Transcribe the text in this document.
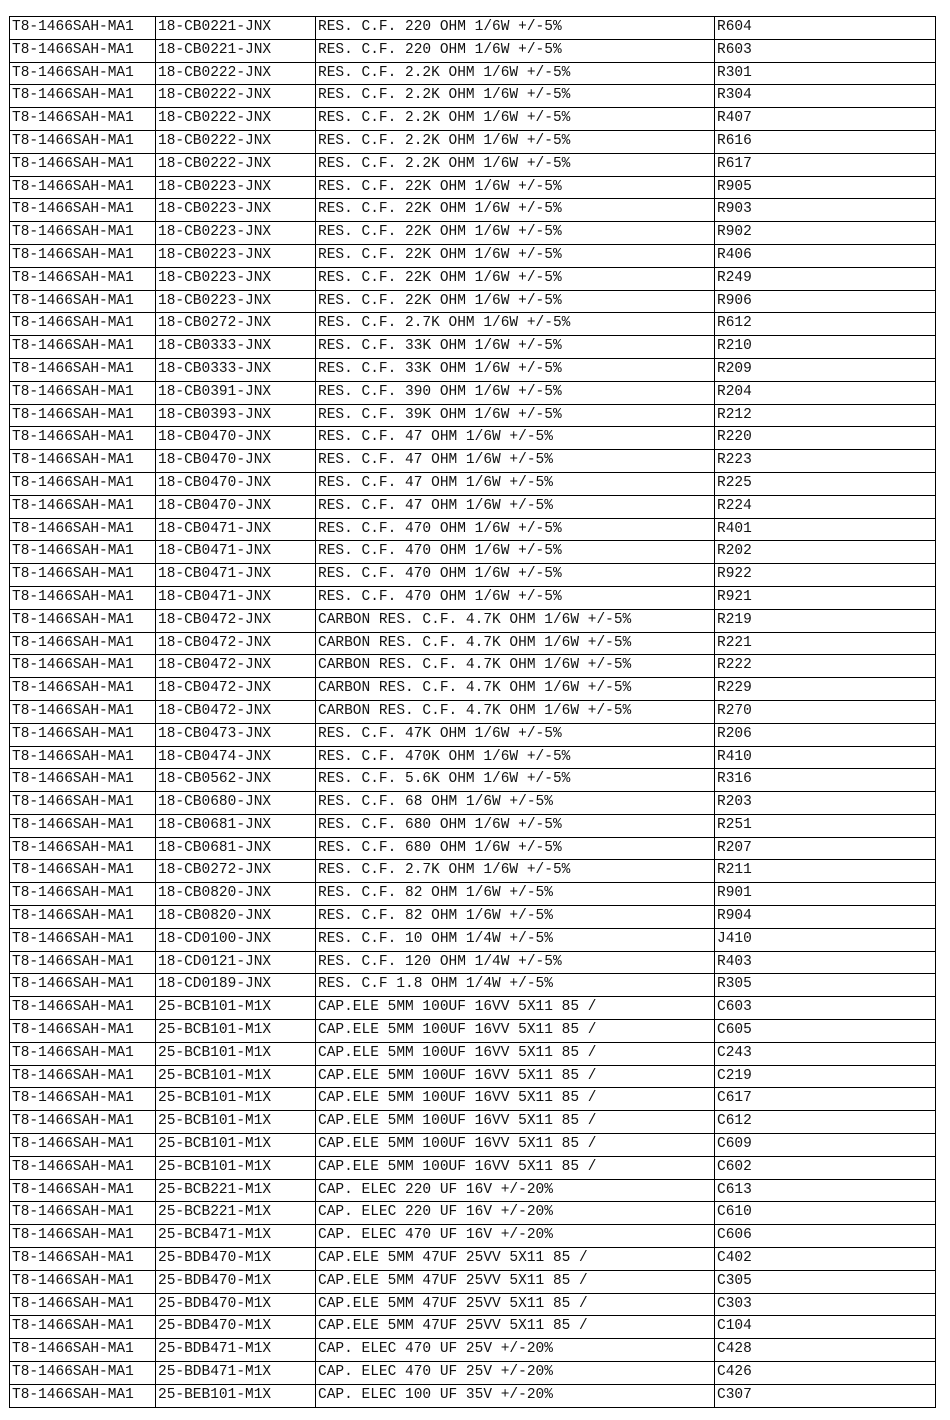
T8-1466SAH-MA1	18-CB0221-JNX	RES. C.F. 220 OHM 1/6W +/-5%	R604
T8-1466SAH-MA1	18-CB0221-JNX	RES. C.F. 220 OHM 1/6W +/-5%	R603
T8-1466SAH-MA1	18-CB0222-JNX	RES. C.F. 2.2K OHM 1/6W +/-5%	R301
T8-1466SAH-MA1	18-CB0222-JNX	RES. C.F. 2.2K OHM 1/6W +/-5%	R304
T8-1466SAH-MA1	18-CB0222-JNX	RES. C.F. 2.2K OHM 1/6W +/-5%	R407
T8-1466SAH-MA1	18-CB0222-JNX	RES. C.F. 2.2K OHM 1/6W +/-5%	R616
T8-1466SAH-MA1	18-CB0222-JNX	RES. C.F. 2.2K OHM 1/6W +/-5%	R617
T8-1466SAH-MA1	18-CB0223-JNX	RES. C.F. 22K OHM 1/6W +/-5%	R905
T8-1466SAH-MA1	18-CB0223-JNX	RES. C.F. 22K OHM 1/6W +/-5%	R903
T8-1466SAH-MA1	18-CB0223-JNX	RES. C.F. 22K OHM 1/6W +/-5%	R902
T8-1466SAH-MA1	18-CB0223-JNX	RES. C.F. 22K OHM 1/6W +/-5%	R406
T8-1466SAH-MA1	18-CB0223-JNX	RES. C.F. 22K OHM 1/6W +/-5%	R249
T8-1466SAH-MA1	18-CB0223-JNX	RES. C.F. 22K OHM 1/6W +/-5%	R906
T8-1466SAH-MA1	18-CB0272-JNX	RES. C.F. 2.7K OHM 1/6W +/-5%	R612
T8-1466SAH-MA1	18-CB0333-JNX	RES. C.F. 33K OHM 1/6W +/-5%	R210
T8-1466SAH-MA1	18-CB0333-JNX	RES. C.F. 33K OHM 1/6W +/-5%	R209
T8-1466SAH-MA1	18-CB0391-JNX	RES. C.F. 390 OHM 1/6W +/-5%	R204
T8-1466SAH-MA1	18-CB0393-JNX	RES. C.F. 39K OHM 1/6W +/-5%	R212
T8-1466SAH-MA1	18-CB0470-JNX	RES. C.F. 47 OHM 1/6W +/-5%	R220
T8-1466SAH-MA1	18-CB0470-JNX	RES. C.F. 47 OHM 1/6W +/-5%	R223
T8-1466SAH-MA1	18-CB0470-JNX	RES. C.F. 47 OHM 1/6W +/-5%	R225
T8-1466SAH-MA1	18-CB0470-JNX	RES. C.F. 47 OHM 1/6W +/-5%	R224
T8-1466SAH-MA1	18-CB0471-JNX	RES. C.F. 470 OHM 1/6W +/-5%	R401
T8-1466SAH-MA1	18-CB0471-JNX	RES. C.F. 470 OHM 1/6W +/-5%	R202
T8-1466SAH-MA1	18-CB0471-JNX	RES. C.F. 470 OHM 1/6W +/-5%	R922
T8-1466SAH-MA1	18-CB0471-JNX	RES. C.F. 470 OHM 1/6W +/-5%	R921
T8-1466SAH-MA1	18-CB0472-JNX	CARBON RES. C.F. 4.7K OHM 1/6W +/-5%	R219
T8-1466SAH-MA1	18-CB0472-JNX	CARBON RES. C.F. 4.7K OHM 1/6W +/-5%	R221
T8-1466SAH-MA1	18-CB0472-JNX	CARBON RES. C.F. 4.7K OHM 1/6W +/-5%	R222
T8-1466SAH-MA1	18-CB0472-JNX	CARBON RES. C.F. 4.7K OHM 1/6W +/-5%	R229
T8-1466SAH-MA1	18-CB0472-JNX	CARBON RES. C.F. 4.7K OHM 1/6W +/-5%	R270
T8-1466SAH-MA1	18-CB0473-JNX	RES. C.F. 47K OHM 1/6W +/-5%	R206
T8-1466SAH-MA1	18-CB0474-JNX	RES. C.F. 470K OHM 1/6W +/-5%	R410
T8-1466SAH-MA1	18-CB0562-JNX	RES. C.F. 5.6K OHM 1/6W +/-5%	R316
T8-1466SAH-MA1	18-CB0680-JNX	RES. C.F. 68 OHM 1/6W +/-5%	R203
T8-1466SAH-MA1	18-CB0681-JNX	RES. C.F. 680 OHM 1/6W +/-5%	R251
T8-1466SAH-MA1	18-CB0681-JNX	RES. C.F. 680 OHM 1/6W +/-5%	R207
T8-1466SAH-MA1	18-CB0272-JNX	RES. C.F. 2.7K OHM 1/6W +/-5%	R211
T8-1466SAH-MA1	18-CB0820-JNX	RES. C.F. 82 OHM 1/6W +/-5%	R901
T8-1466SAH-MA1	18-CB0820-JNX	RES. C.F. 82 OHM 1/6W +/-5%	R904
T8-1466SAH-MA1	18-CD0100-JNX	RES. C.F. 10 OHM 1/4W +/-5%	J410
T8-1466SAH-MA1	18-CD0121-JNX	RES. C.F. 120 OHM 1/4W +/-5%	R403
T8-1466SAH-MA1	18-CD0189-JNX	RES. C.F 1.8 OHM 1/4W +/-5%	R305
T8-1466SAH-MA1	25-BCB101-M1X	CAP.ELE 5MM 100UF 16VV 5X11 85 /	C603
T8-1466SAH-MA1	25-BCB101-M1X	CAP.ELE 5MM 100UF 16VV 5X11 85 /	C605
T8-1466SAH-MA1	25-BCB101-M1X	CAP.ELE 5MM 100UF 16VV 5X11 85 /	C243
T8-1466SAH-MA1	25-BCB101-M1X	CAP.ELE 5MM 100UF 16VV 5X11 85 /	C219
T8-1466SAH-MA1	25-BCB101-M1X	CAP.ELE 5MM 100UF 16VV 5X11 85 /	C617
T8-1466SAH-MA1	25-BCB101-M1X	CAP.ELE 5MM 100UF 16VV 5X11 85 /	C612
T8-1466SAH-MA1	25-BCB101-M1X	CAP.ELE 5MM 100UF 16VV 5X11 85 /	C609
T8-1466SAH-MA1	25-BCB101-M1X	CAP.ELE 5MM 100UF 16VV 5X11 85 /	C602
T8-1466SAH-MA1	25-BCB221-M1X	CAP. ELEC 220 UF 16V +/-20%	C613
T8-1466SAH-MA1	25-BCB221-M1X	CAP. ELEC 220 UF 16V +/-20%	C610
T8-1466SAH-MA1	25-BCB471-M1X	CAP. ELEC 470 UF 16V +/-20%	C606
T8-1466SAH-MA1	25-BDB470-M1X	CAP.ELE 5MM 47UF 25VV 5X11 85 /	C402
T8-1466SAH-MA1	25-BDB470-M1X	CAP.ELE 5MM 47UF 25VV 5X11 85 /	C305
T8-1466SAH-MA1	25-BDB470-M1X	CAP.ELE 5MM 47UF 25VV 5X11 85 /	C303
T8-1466SAH-MA1	25-BDB470-M1X	CAP.ELE 5MM 47UF 25VV 5X11 85 /	C104
T8-1466SAH-MA1	25-BDB471-M1X	CAP. ELEC 470 UF 25V +/-20%	C428
T8-1466SAH-MA1	25-BDB471-M1X	CAP. ELEC 470 UF 25V +/-20%	C426
T8-1466SAH-MA1	25-BEB101-M1X	CAP. ELEC 100 UF 35V +/-20%	C307
